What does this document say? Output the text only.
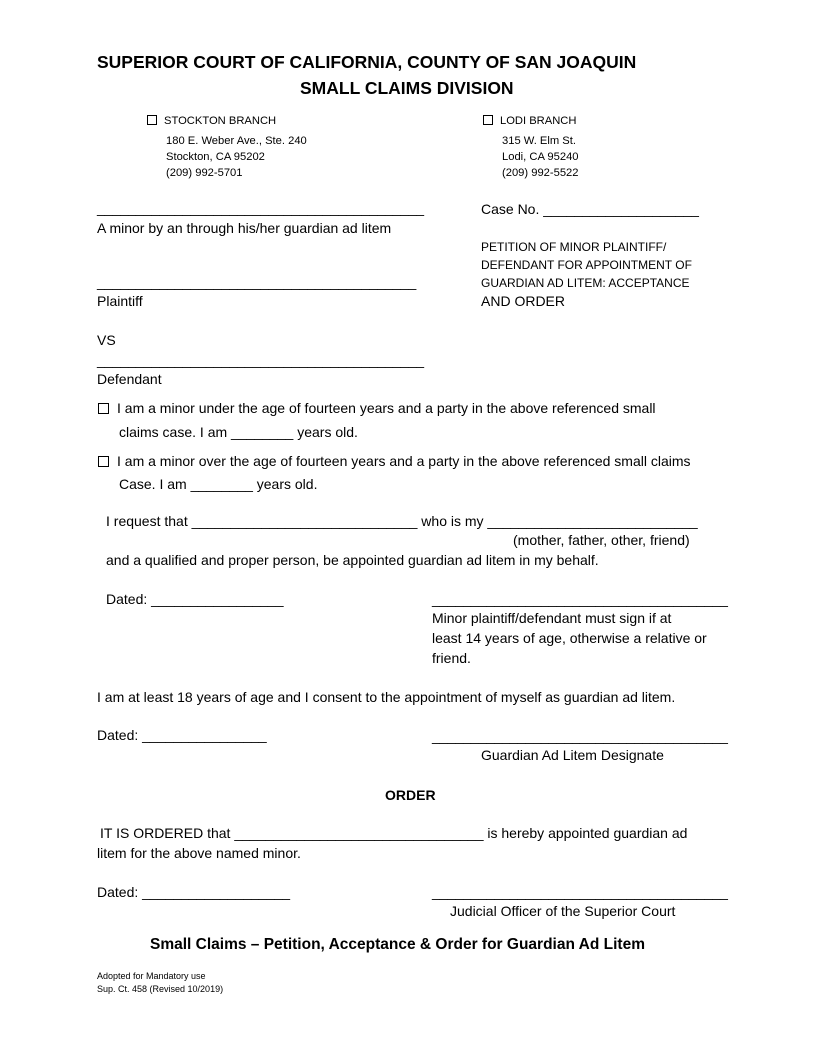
SUPERIOR COURT OF CALIFORNIA, COUNTY OF SAN JOAQUIN
SMALL CLAIMS DIVISION
STOCKTON BRANCH
180 E. Weber Ave., Ste. 240
Stockton, CA 95202
(209) 992-5701
LODI BRANCH
315 W. Elm St.
Lodi, CA 95240
(209) 992-5522
__________________________________________
A minor by an through his/her guardian ad litem
_________________________________________
Plaintiff
VS
__________________________________________
Defendant
Case No. ____________________
PETITION OF MINOR PLAINTIFF/
DEFENDANT FOR APPOINTMENT OF
GUARDIAN AD LITEM: ACCEPTANCE
AND ORDER
I am a minor under the age of fourteen years and a party in the above referenced small
claims case. I am ________ years old.
I am a minor over the age of fourteen years and a party in the above referenced small claims
Case. I am ________ years old.
I request that _____________________________ who is my ___________________________
(mother, father, other, friend)
and a qualified and proper person, be appointed guardian ad litem in my behalf.
Dated: _________________	______________________________________
Minor plaintiff/defendant must sign if at
least 14 years of age, otherwise a relative or
friend.
I am at least 18 years of age and I consent to the appointment of myself as guardian ad litem.
Dated: ________________	______________________________________
Guardian Ad Litem Designate
ORDER
IT IS ORDERED that ________________________________ is hereby appointed guardian ad
litem for the above named minor.
Dated: ___________________	______________________________________
Judicial Officer of the Superior Court
Small Claims – Petition, Acceptance & Order for Guardian Ad Litem
Adopted for Mandatory use
Sup. Ct. 458 (Revised 10/2019)
